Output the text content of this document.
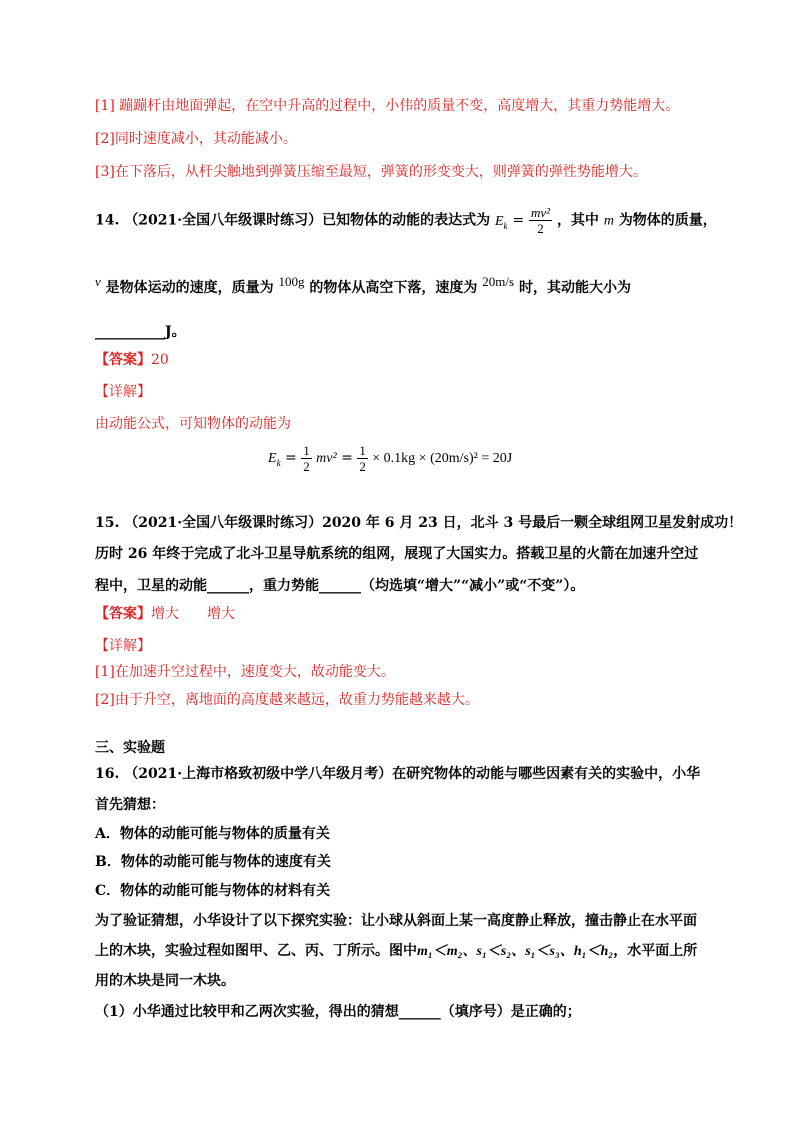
[1] 蹦蹦杆由地面弹起，在空中升高的过程中，小伟的质量不变，高度增大，其重力势能增大。
[2]同时速度减小，其动能减小。
[3]在下落后，从杆尖触地到弹簧压缩至最短，弹簧的形变变大，则弹簧的弹性势能增大。
14. （2021·全国八年级课时练习）已知物体的动能的表达式为 $E_k = \frac{\text{mv²}}{2}$ ，其中 m 为物体的质量，
v 是物体运动的速度，质量为 100g 的物体从高空下落，速度为 20m/s 时，其动能大小为
__________J。
【答案】20
【详解】
由动能公式，可知物体的动能为
$E_k = \frac{1}{2} mv^2 = \frac{1}{2} \times 0.1kg \times (20m/s)^2 = 20J$
15. （2021·全国八年级课时练习）2020 年 6 月 23 日，北斗 3 号最后一颗全球组网卫星发射成功！
历时 26 年终于完成了北斗卫星导航系统的组网，展现了大国实力。搭载卫星的火箭在加速升空过
程中，卫星的动能______，重力势能______（均选填“增大”“减小”或“不变”）。
【答案】增大 增大
【详解】
[1]在加速升空过程中，速度变大，故动能变大。
[2]由于升空，离地面的高度越来越远，故重力势能越来越大。
三、实验题
16. （2021·上海市格致初级中学八年级月考）在研究物体的动能与哪些因素有关的实验中，小华
首先猜想：
A．物体的动能可能与物体的质量有关
B．物体的动能可能与物体的速度有关
C．物体的动能可能与物体的材料有关
为了验证猜想，小华设计了以下探究实验：让小球从斜面上某一高度静止释放，撞击静止在水平面
上的木块，实验过程如图甲、乙、丙、丁所示。图中m₁＜m₂、s₁＜s₂、s₁＜s₃、h₁＜h₂，水平面上所
用的木块是同一木块。
（1）小华通过比较甲和乙两次实验，得出的猜想______（填序号）是正确的；
